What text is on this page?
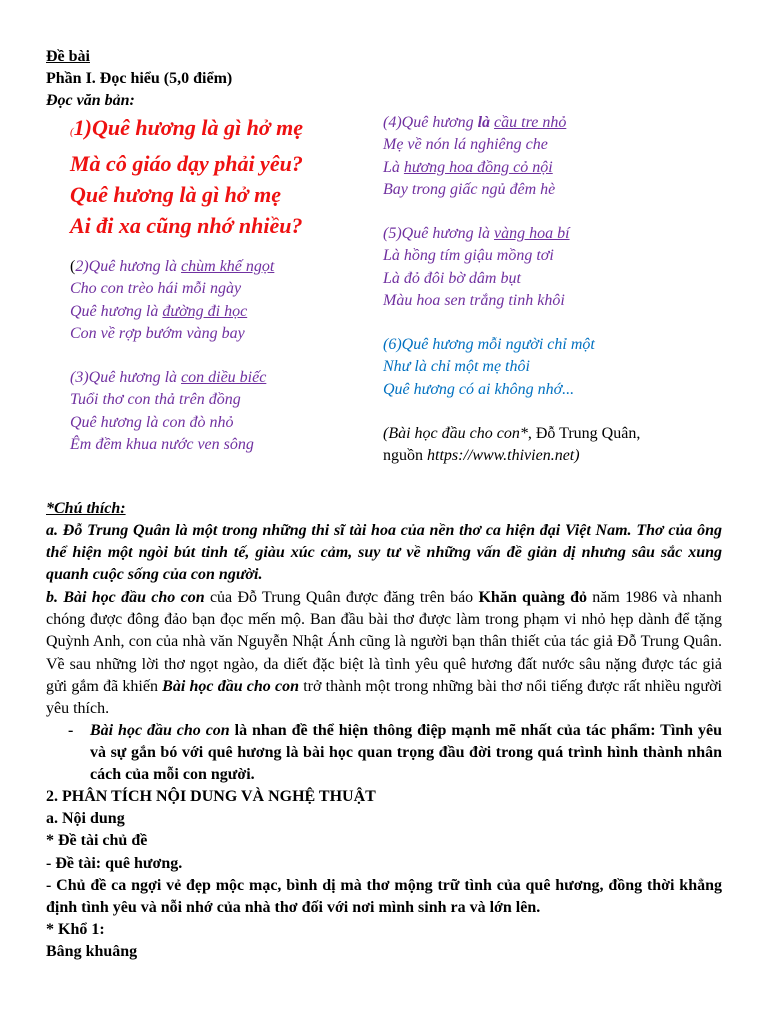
Đề bài
Phần I. Đọc hiểu (5,0 điểm)
Đọc văn bản:
(1)Quê hương là gì hở mẹ
Mà cô giáo dạy phải yêu?
Quê hương là gì hở mẹ
Ai đi xa cũng nhớ nhiều?
(2)Quê hương là chùm khế ngọt
Cho con trèo hái mỗi ngày
Quê hương là đường đi học
Con về rợp bướm vàng bay
(3)Quê hương là con diều biếc
Tuổi thơ con thả trên đồng
Quê hương là con đò nhỏ
Êm đềm khua nước ven sông
(4)Quê hương là cầu tre nhỏ
Mẹ về nón lá nghiêng che
Là hương hoa đồng cỏ nội
Bay trong giấc ngủ đêm hè
(5)Quê hương là vàng hoa bí
Là hồng tím giậu mồng tơi
Là đỏ đôi bờ dâm bụt
Màu hoa sen trắng tinh khôi
(6)Quê hương mỗi người chỉ một
Như là chỉ một mẹ thôi
Quê hương có ai không nhớ...
(Bài học đầu cho con*, Đỗ Trung Quân,
nguồn https://www.thivien.net)
*Chú thích:

a. Đỗ Trung Quân là một trong những thi sĩ tài hoa của nền thơ ca hiện đại Việt Nam. Thơ của ông thể hiện một ngòi bút tinh tế, giàu xúc cảm, suy tư về những vấn đề giản dị nhưng sâu sắc xung quanh cuộc sống của con người.

b. Bài học đầu cho con của Đỗ Trung Quân được đăng trên báo Khăn quàng đỏ năm 1986 và nhanh chóng được đông đảo bạn đọc mến mộ. Ban đầu bài thơ được làm trong phạm vi nhỏ hẹp dành để tặng Quỳnh Anh, con của nhà văn Nguyễn Nhật Ánh cũng là người bạn thân thiết của tác giả Đỗ Trung Quân. Về sau những lời thơ ngọt ngào, da diết đặc biệt là tình yêu quê hương đất nước sâu nặng được tác giả gửi gắm đã khiến Bài học đầu cho con trở thành một trong những bài thơ nổi tiếng được rất nhiều người yêu thích.

- Bài học đầu cho con là nhan đề thể hiện thông điệp mạnh mẽ nhất của tác phẩm: Tình yêu và sự gắn bó với quê hương là bài học quan trọng đầu đời trong quá trình hình thành nhân cách của mỗi con người.

2. PHÂN TÍCH NỘI DUNG VÀ NGHỆ THUẬT

a. Nội dung

* Đề tài chủ đề

- Đề tài: quê hương.

- Chủ đề ca ngợi vẻ đẹp mộc mạc, bình dị mà thơ mộng trữ tình của quê hương, đồng thời khẳng định tình yêu và nỗi nhớ của nhà thơ đối với nơi mình sinh ra và lớn lên.

* Khổ 1:

Bâng khuâng
